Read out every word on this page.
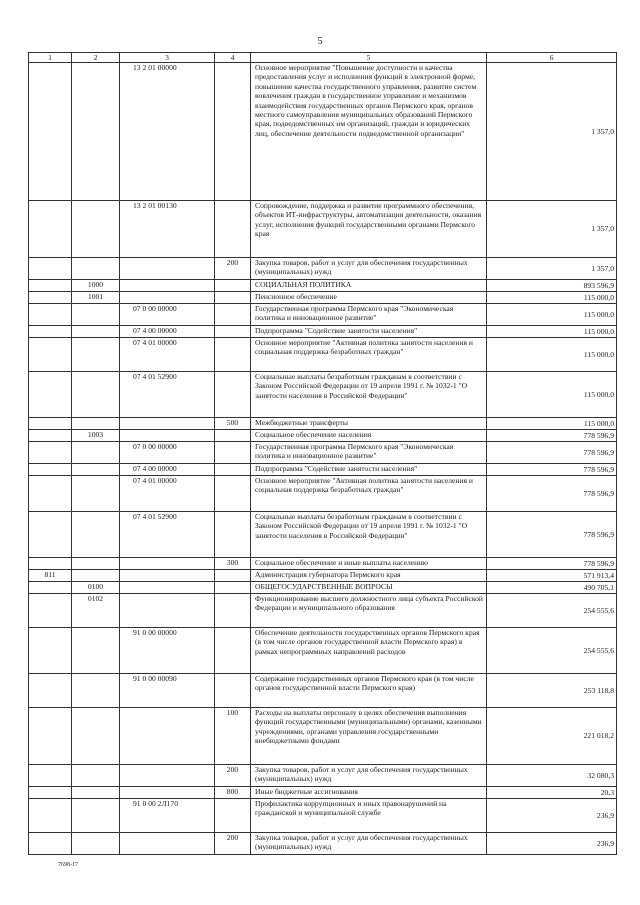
5
1	2	3	4	5	6
		13 2 01 00000		Основное мероприятие "Повышение доступности и качества предоставления услуг и исполнения функций в электронной форме, повышение качества государственного управления, развитие систем вовлечения граждан в государственное управление и механизмов взаимодействия государственных органов Пермского края, органов местного самоуправления муниципальных образований Пермского края, подведомственных им организаций, граждан и юридических лиц, обеспечение деятельности подведомственной организации"	1 357,0
		13 2 01 00130		Сопровождение, поддержка и развитие программного обеспечения, объектов ИТ-инфраструктуры, автоматизация деятельности, оказания услуг, исполнения функций государственными органами Пермского края	1 357,0
			200	Закупка товаров, работ и услуг для обеспечения государственных (муниципальных) нужд	1 357,0
	1000			СОЦИАЛЬНАЯ ПОЛИТИКА	893 596,9
	1001			Пенсионное обеспечение	115 000,0
		07 0 00 00000		Государственная программа Пермского края "Экономическая политика и инновационное развитие"	115 000,0
		07 4 00 00000		Подпрограмма "Содействие занятости населения"	115 000,0
		07 4 01 00000		Основное мероприятие "Активная политика занятости населения и социальная поддержка безработных граждан"	115 000,0
		07 4 01 52900		Социальные выплаты безработным гражданам в соответствии с Законом Российской Федерации от 19 апреля 1991 г. № 1032-1 "О занятости населения в Российской Федерации"	115 000,0
			500	Межбюджетные трансферты	115 000,0
	1003			Социальное обеспечение населения	778 596,9
		07 0 00 00000		Государственная программа Пермского края "Экономическая политика и инновационное развитие"	778 596,9
		07 4 00 00000		Подпрограмма "Содействие занятости населения"	778 596,9
		07 4 01 00000		Основное мероприятие "Активная политика занятости населения и социальная поддержка безработных граждан"	778 596,9
		07 4 01 52900		Социальные выплаты безработным гражданам в соответствии с Законом Российской Федерации от 19 апреля 1991 г. № 1032-1 "О занятости населения в Российской Федерации"	778 596,9
			300	Социальное обеспечение и иные выплаты населению	778 596,9
811				Администрация губернатора Пермского края	571 913,4
	0100			ОБЩЕГОСУДАРСТВЕННЫЕ ВОПРОСЫ	490 705,1
	0102			Функционирование высшего должностного лица субъекта Российской Федерации и муниципального образования	254 555,6
		91 0 00 00000		Обеспечение деятельности государственных органов Пермского края (в том числе органов государственной власти Пермского края) в рамках непрограммных направлений расходов	254 555,6
		91 0 00 00090		Содержание государственных органов Пермского края (в том числе органов государственной власти Пермского края)	253 118,8
			100	Расходы на выплаты персоналу в целях обеспечения выполнения функций государственными (муниципальными) органами, казенными учреждениями, органами управления государственными внебюджетными фондами	221 018,2
			200	Закупка товаров, работ и услуг для обеспечения государственных (муниципальных) нужд	32 080,3
			800	Иные бюджетные ассигнования	20,3
		91 0 00 2Л170		Профилактика коррупционных и иных правонарушений на гражданской и муниципальной службе	236,9
			200	Закупка товаров, работ и услуг для обеспечения государственных (муниципальных) нужд	236,9
7698-17
